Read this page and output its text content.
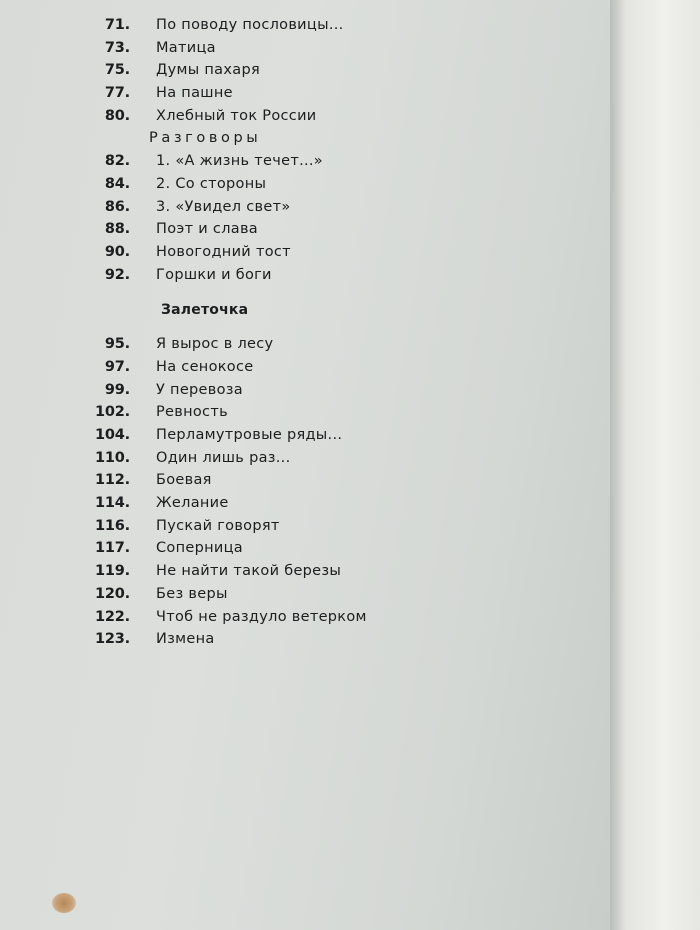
71. По поводу пословицы...
73. Матица
75. Думы пахаря
77. На пашне
80. Хлебный ток России
Разговоры
82. 1. «А жизнь течет...»
84. 2. Со стороны
86. 3. «Увидел свет»
88. Поэт и слава
90. Новогодний тост
92. Горшки и боги
Залеточка
95. Я вырос в лесу
97. На сенокосе
99. У перевоза
102. Ревность
104. Перламутровые ряды...
110. Один лишь раз...
112. Боевая
114. Желание
116. Пускай говорят
117. Соперница
119. Не найти такой березы
120. Без веры
122. Чтоб не раздуло ветерком
123. Измена
